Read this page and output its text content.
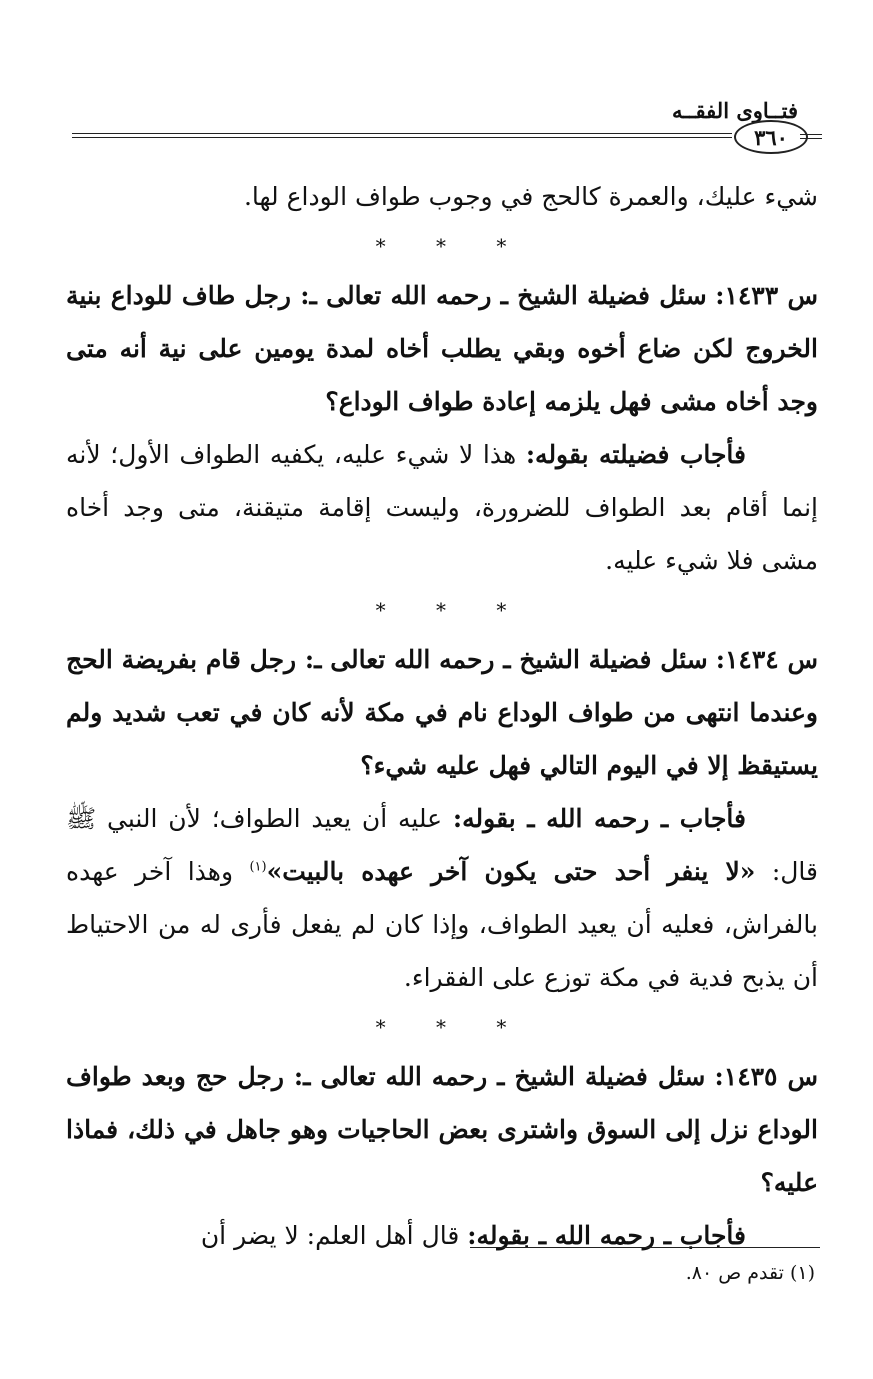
فتــاوى الفقــه
٣٦٠

شيء عليك، والعمرة كالحج في وجوب طواف الوداع لها.

* * *

س ١٤٣٣: سئل فضيلة الشيخ ـ رحمه الله تعالى ـ: رجل طاف للوداع بنية الخروج لكن ضاع أخوه وبقي يطلب أخاه لمدة يومين على نية أنه متى وجد أخاه مشى فهل يلزمه إعادة طواف الوداع؟

فأجاب فضيلته بقوله: هذا لا شيء عليه، يكفيه الطواف الأول؛ لأنه إنما أقام بعد الطواف للضرورة، وليست إقامة متيقنة، متى وجد أخاه مشى فلا شيء عليه.

* * *

س ١٤٣٤: سئل فضيلة الشيخ ـ رحمه الله تعالى ـ: رجل قام بفريضة الحج وعندما انتهى من طواف الوداع نام في مكة لأنه كان في تعب شديد ولم يستيقظ إلا في اليوم التالي فهل عليه شيء؟

فأجاب ـ رحمه الله ـ بقوله: عليه أن يعيد الطواف؛ لأن النبي ﷺ قال: «لا ينفر أحد حتى يكون آخر عهده بالبيت»$^{(١)}$ وهذا آخر عهده بالفراش، فعليه أن يعيد الطواف، وإذا كان لم يفعل فأرى له من الاحتياط أن يذبح فدية في مكة توزع على الفقراء.

* * *

س ١٤٣٥: سئل فضيلة الشيخ ـ رحمه الله تعالى ـ: رجل حج وبعد طواف الوداع نزل إلى السوق واشترى بعض الحاجيات وهو جاهل في ذلك، فماذا عليه؟

فأجاب ـ رحمه الله ـ بقوله: قال أهل العلم: لا يضر أن

(١) تقدم ص ٨٠.
